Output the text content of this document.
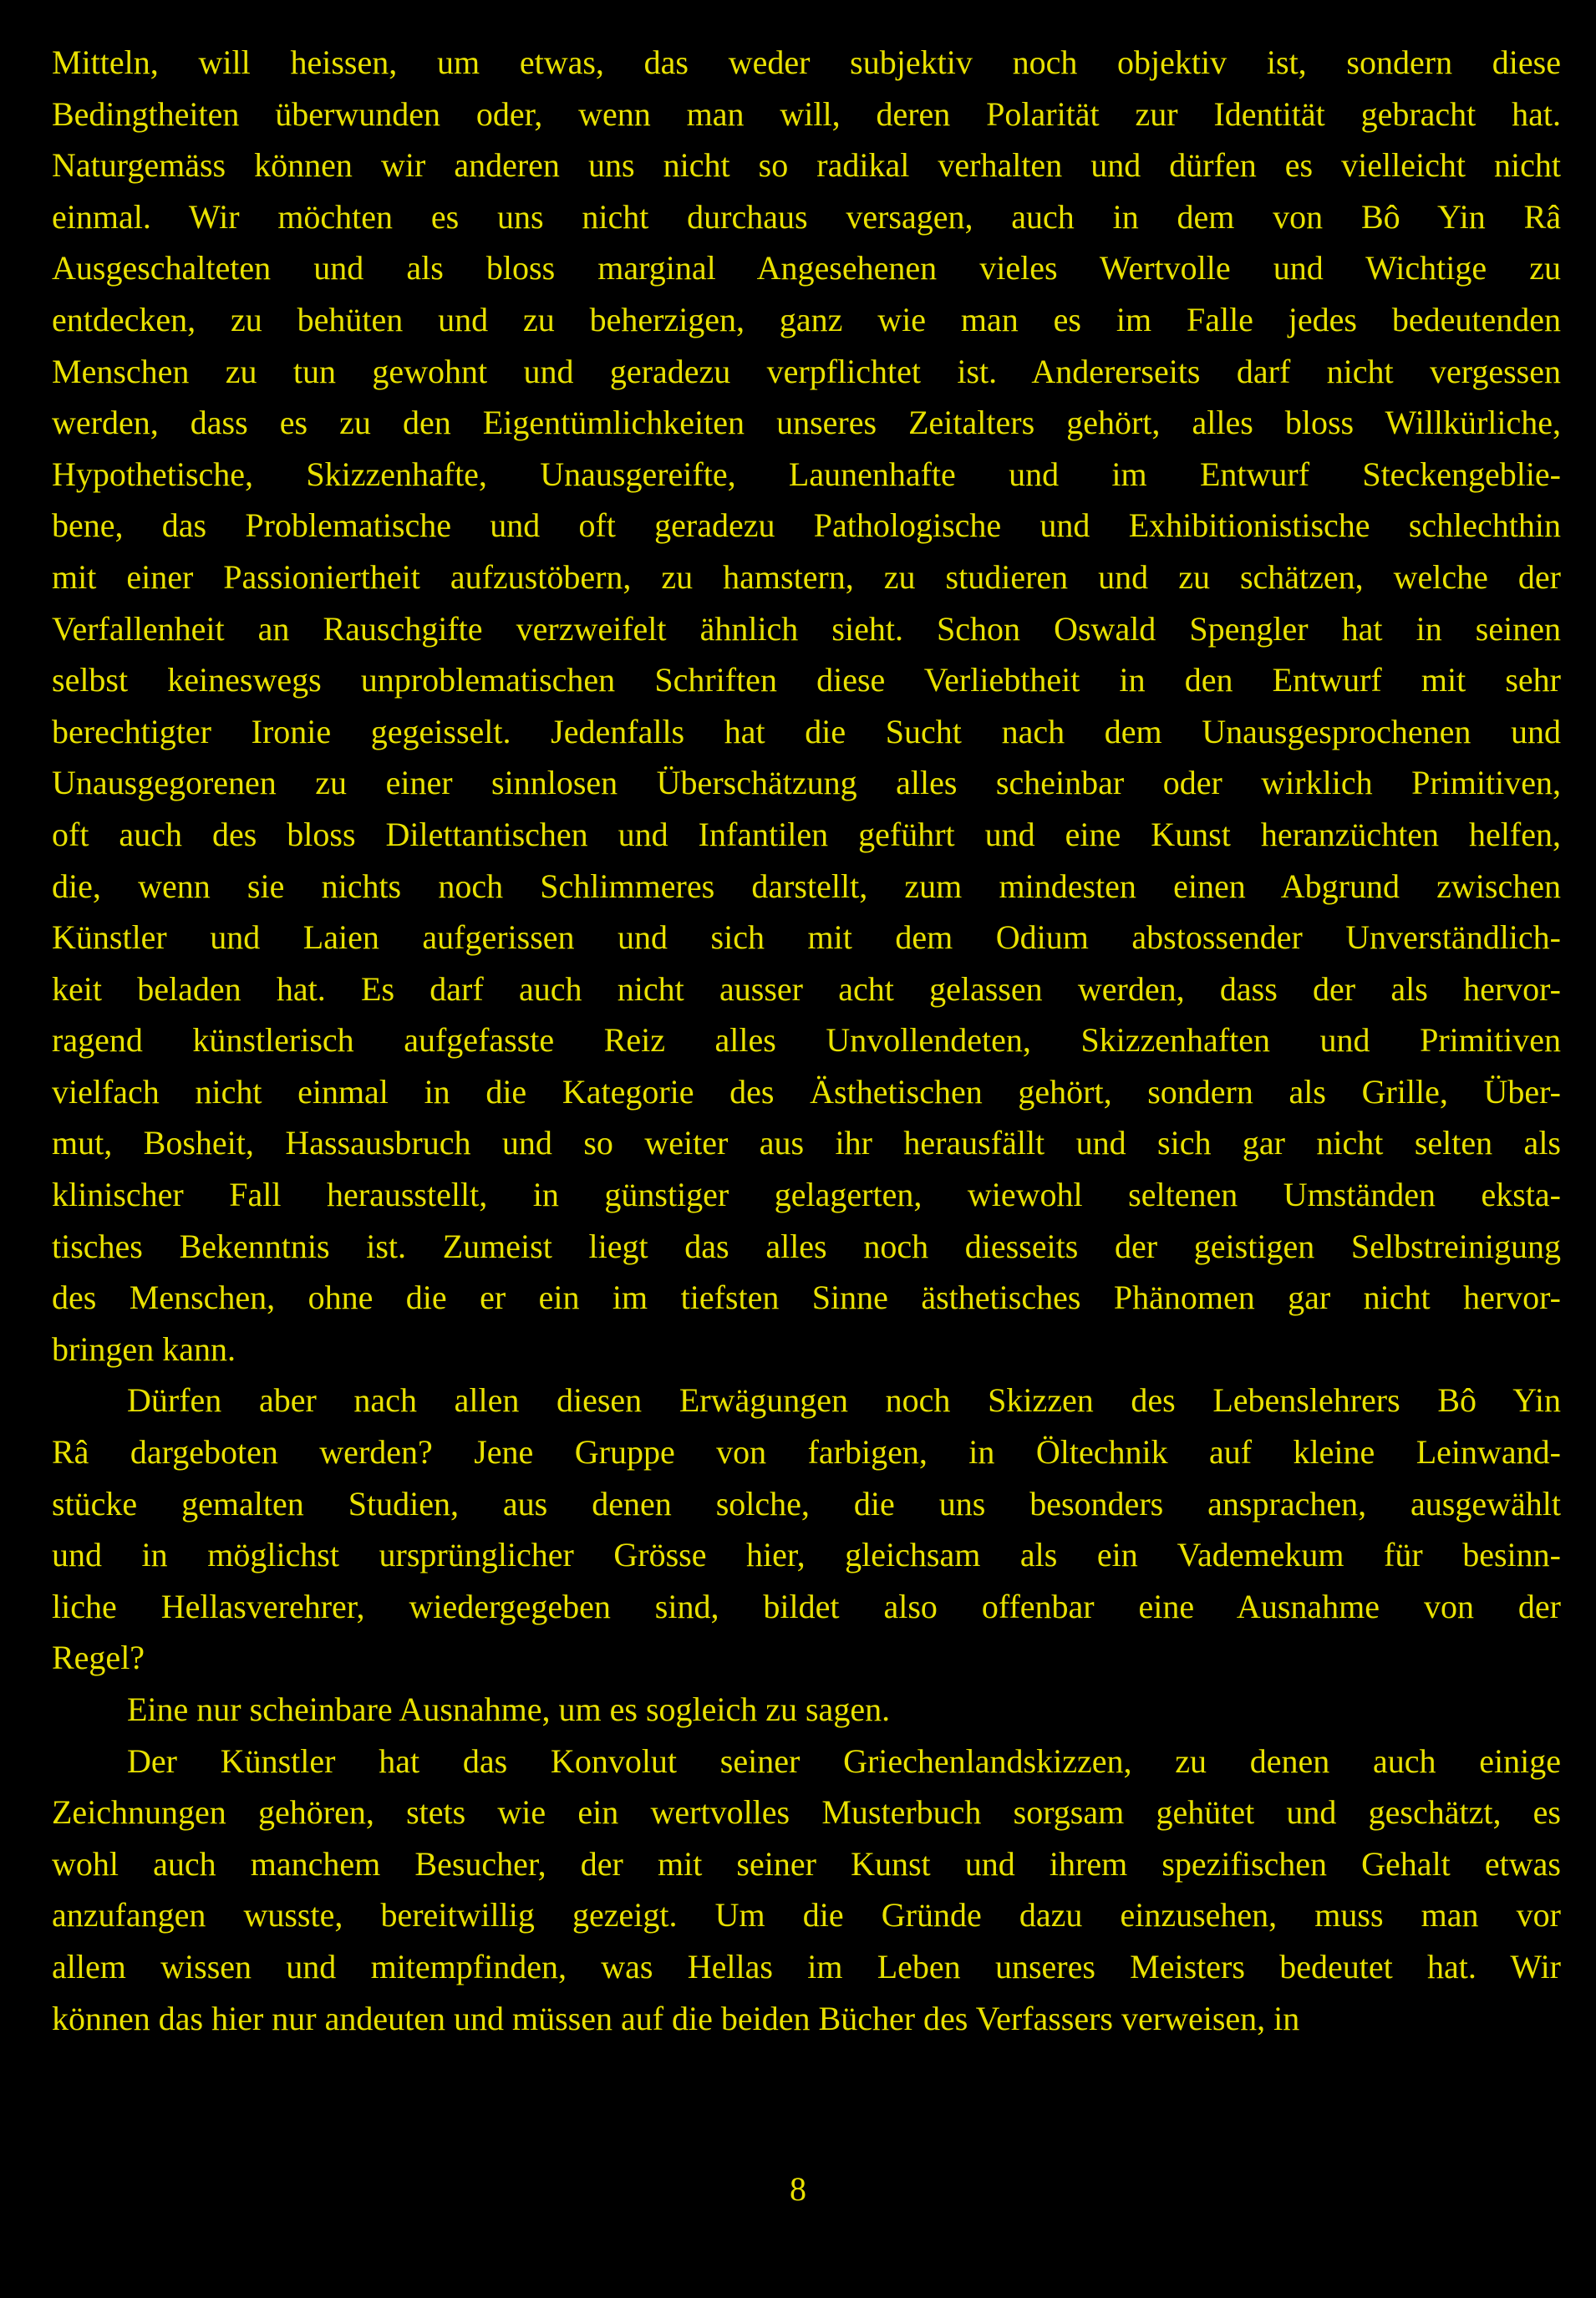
Mitteln, will heissen, um etwas, das weder subjektiv noch objektiv ist, sondern diese
Bedingtheiten überwunden oder, wenn man will, deren Polarität zur Identität gebracht hat.
Naturgemäss können wir anderen uns nicht so radikal verhalten und dürfen es vielleicht nicht
einmal. Wir möchten es uns nicht durchaus versagen, auch in dem von Bô Yin Râ
Ausgeschalteten und als bloss marginal Angesehenen vieles Wertvolle und Wichtige zu
entdecken, zu behüten und zu beherzigen, ganz wie man es im Falle jedes bedeutenden
Menschen zu tun gewohnt und geradezu verpflichtet ist. Andererseits darf nicht vergessen
werden, dass es zu den Eigentümlichkeiten unseres Zeitalters gehört, alles bloss Willkürliche,
Hypothetische, Skizzenhafte, Unausgereifte, Launenhafte und im Entwurf Steckengeblie-
bene, das Problematische und oft geradezu Pathologische und Exhibitionistische schlechthin
mit einer Passioniertheit aufzustöbern, zu hamstern, zu studieren und zu schätzen, welche der
Verfallenheit an Rauschgifte verzweifelt ähnlich sieht. Schon Oswald Spengler hat in seinen
selbst keineswegs unproblematischen Schriften diese Verliebtheit in den Entwurf mit sehr
berechtigter Ironie gegeisselt. Jedenfalls hat die Sucht nach dem Unausgesprochenen und
Unausgegorenen zu einer sinnlosen Überschätzung alles scheinbar oder wirklich Primitiven,
oft auch des bloss Dilettantischen und Infantilen geführt und eine Kunst heranzüchten helfen,
die, wenn sie nichts noch Schlimmeres darstellt, zum mindesten einen Abgrund zwischen
Künstler und Laien aufgerissen und sich mit dem Odium abstossender Unverständlich-
keit beladen hat. Es darf auch nicht ausser acht gelassen werden, dass der als hervor-
ragend künstlerisch aufgefasste Reiz alles Unvollendeten, Skizzenhaften und Primitiven
vielfach nicht einmal in die Kategorie des Ästhetischen gehört, sondern als Grille, Über-
mut, Bosheit, Hassausbruch und so weiter aus ihr herausfällt und sich gar nicht selten als
klinischer Fall herausstellt, in günstiger gelagerten, wiewohl seltenen Umständen ekstа-
tisches Bekenntnis ist. Zumeist liegt das alles noch diesseits der geistigen Selbstreinigung
des Menschen, ohne die er ein im tiefsten Sinne ästhetisches Phänomen gar nicht hervor-
bringen kann.
Dürfen aber nach allen diesen Erwägungen noch Skizzen des Lebenslehrers Bô Yin
Râ dargeboten werden? Jene Gruppe von farbigen, in Öltechnik auf kleine Leinwand-
stücke gemalten Studien, aus denen solche, die uns besonders ansprachen, ausgewählt
und in möglichst ursprünglicher Grösse hier, gleichsam als ein Vademekum für besinn-
liche Hellasverehrer, wiedergegeben sind, bildet also offenbar eine Ausnahme von der
Regel?
Eine nur scheinbare Ausnahme, um es sogleich zu sagen.
Der Künstler hat das Konvolut seiner Griechenlandskizzen, zu denen auch einige
Zeichnungen gehören, stets wie ein wertvolles Musterbuch sorgsam gehütet und geschätzt, es
wohl auch manchem Besucher, der mit seiner Kunst und ihrem spezifischen Gehalt etwas
anzufangen wusste, bereitwillig gezeigt. Um die Gründe dazu einzusehen, muss man vor
allem wissen und mitempfinden, was Hellas im Leben unseres Meisters bedeutet hat. Wir
können das hier nur andeuten und müssen auf die beiden Bücher des Verfassers verweisen, in
8
